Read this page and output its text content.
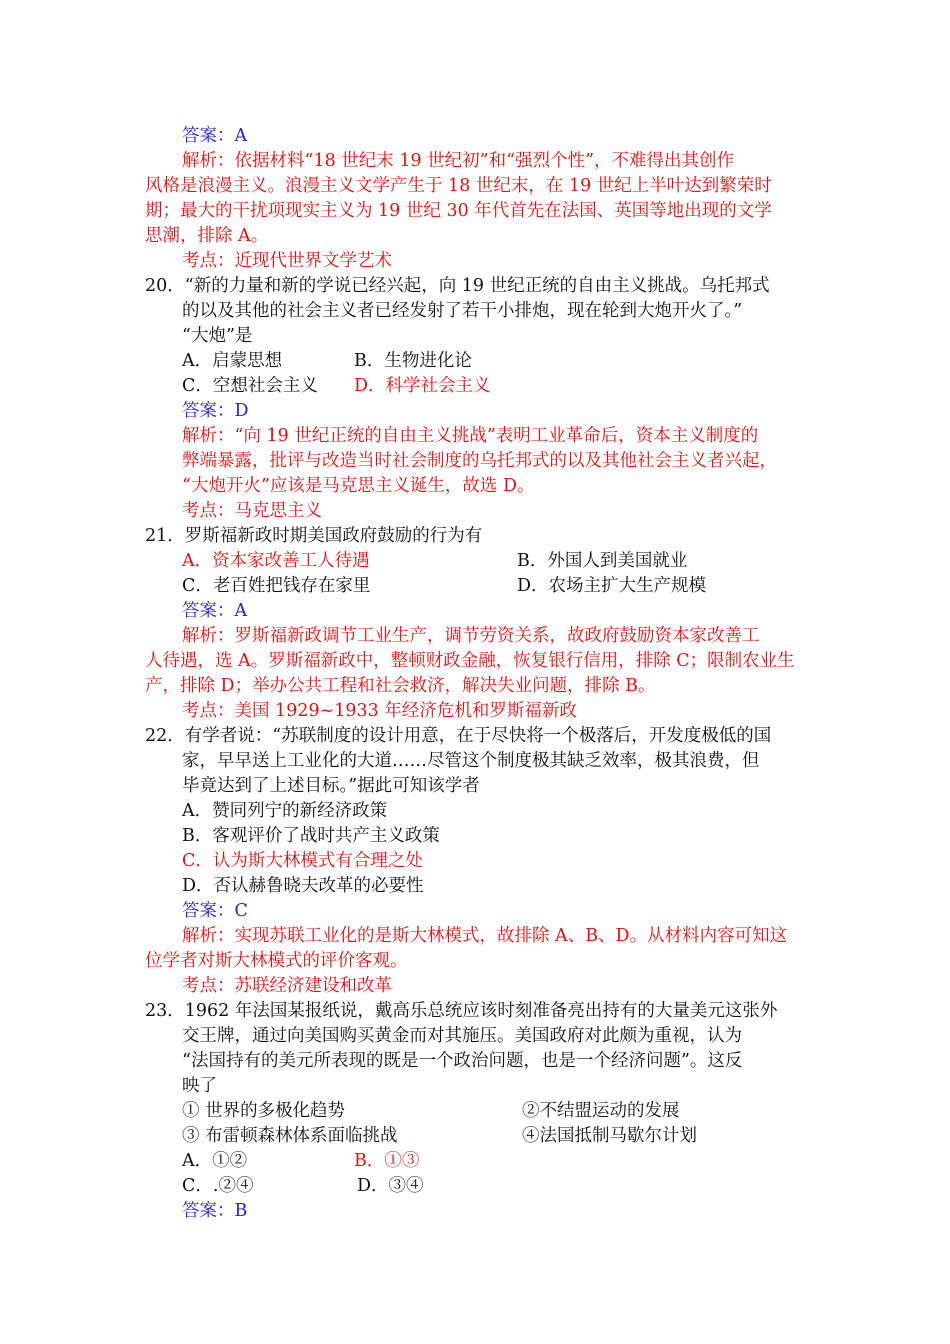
答案：A
解析：依据材料“18 世纪末 19 世纪初”和“强烈个性”，不难得出其创作
风格是浪漫主义。浪漫主义文学产生于 18 世纪末，在 19 世纪上半叶达到繁荣时
期；最大的干扰项现实主义为 19 世纪 30 年代首先在法国、英国等地出现的文学
思潮，排除 A。
考点：近现代世界文学艺术
20．“新的力量和新的学说已经兴起，向 19 世纪正统的自由主义挑战。乌托邦式
的以及其他的社会主义者已经发射了若干小排炮，现在轮到大炮开火了。”
“大炮”是
A．启蒙思想	B．生物进化论
C．空想社会主义 D．科学社会主义
答案：D
解析：“向 19 世纪正统的自由主义挑战”表明工业革命后，资本主义制度的
弊端暴露，批评与改造当时社会制度的乌托邦式的以及其他社会主义者兴起，
“大炮开火”应该是马克思主义诞生，故选 D。
考点：马克思主义
21．罗斯福新政时期美国政府鼓励的行为有
A．资本家改善工人待遇	B．外国人到美国就业
C．老百姓把钱存在家里	D．农场主扩大生产规模
答案：A
解析：罗斯福新政调节工业生产，调节劳资关系，故政府鼓励资本家改善工
人待遇，选 A。罗斯福新政中，整顿财政金融，恢复银行信用，排除 C；限制农业生
产，排除 D；举办公共工程和社会救济，解决失业问题，排除 B。
考点：美国 1929~1933 年经济危机和罗斯福新政
22．有学者说：“苏联制度的设计用意，在于尽快将一个极落后，开发度极低的国
家，早早送上工业化的大道……尽管这个制度极其缺乏效率，极其浪费，但
毕竟达到了上述目标。”据此可知该学者
A．赞同列宁的新经济政策
B．客观评价了战时共产主义政策
C．认为斯大林模式有合理之处
D．否认赫鲁晓夫改革的必要性
答案：C
解析：实现苏联工业化的是斯大林模式，故排除 A、B、D。从材料内容可知这
位学者对斯大林模式的评价客观。
考点：苏联经济建设和改革
23．1962 年法国某报纸说，戴高乐总统应该时刻准备亮出持有的大量美元这张外
交王牌，通过向美国购买黄金而对其施压。美国政府对此颇为重视，认为
“法国持有的美元所表现的既是一个政治问题，也是一个经济问题”。这反
映了
① 世界的多极化趋势	②不结盟运动的发展
③ 布雷顿森林体系面临挑战	④法国抵制马歇尔计划
A．①②	B．①③
C．.②④	D．③④
答案：B
